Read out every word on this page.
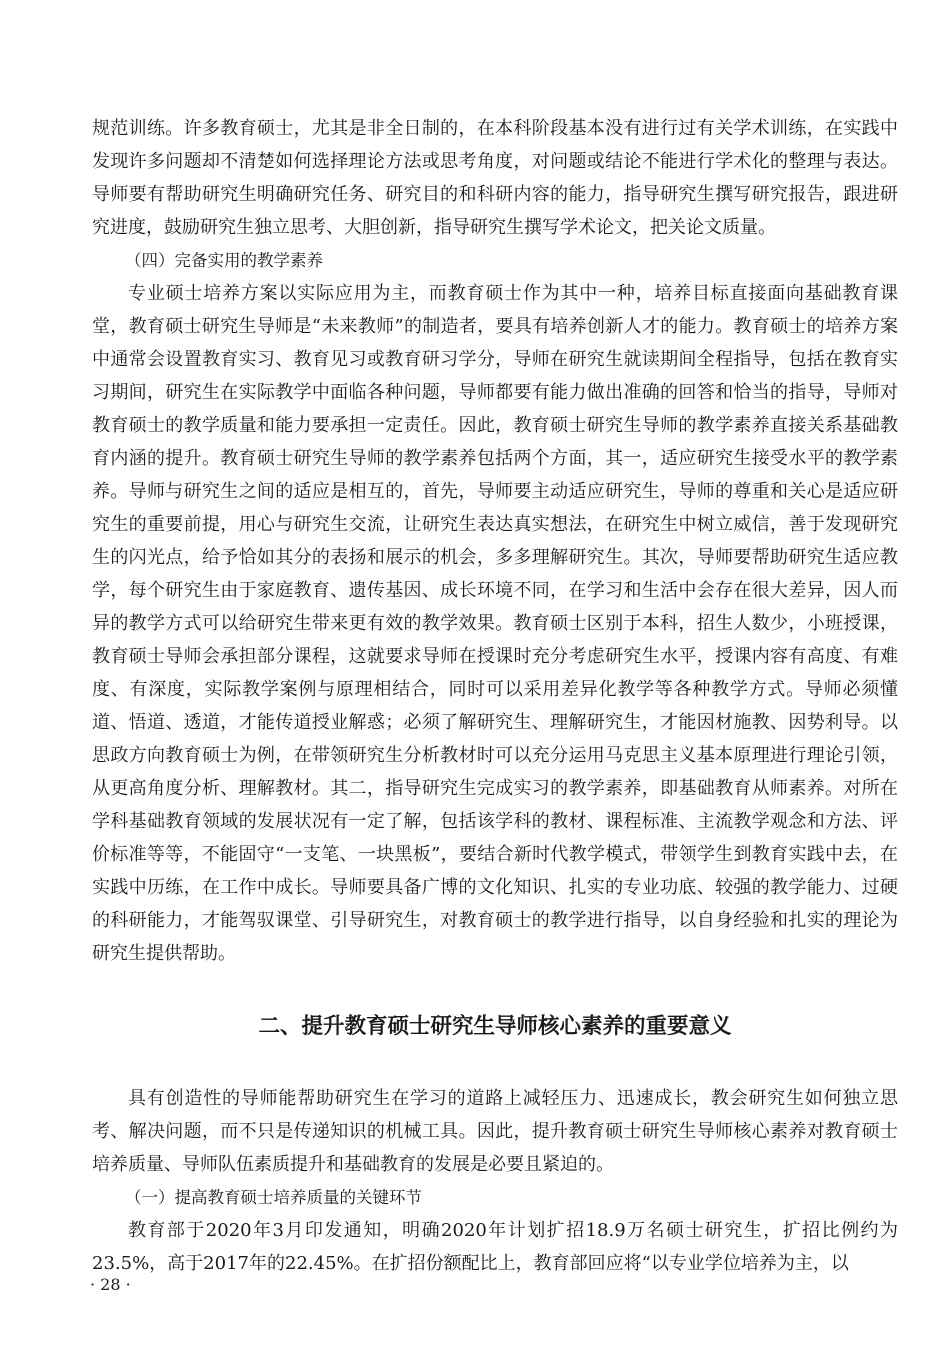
规范训练。许多教育硕士，尤其是非全日制的，在本科阶段基本没有进行过有关学术训练，在实践中发现许多问题却不清楚如何选择理论方法或思考角度，对问题或结论不能进行学术化的整理与表达。导师要有帮助研究生明确研究任务、研究目的和科研内容的能力，指导研究生撰写研究报告，跟进研究进度，鼓励研究生独立思考、大胆创新，指导研究生撰写学术论文，把关论文质量。

（四）完备实用的教学素养

专业硕士培养方案以实际应用为主，而教育硕士作为其中一种，培养目标直接面向基础教育课堂，教育硕士研究生导师是“未来教师”的制造者，要具有培养创新人才的能力。教育硕士的培养方案中通常会设置教育实习、教育见习或教育研习学分，导师在研究生就读期间全程指导，包括在教育实习期间，研究生在实际教学中面临各种问题，导师都要有能力做出准确的回答和恰当的指导，导师对教育硕士的教学质量和能力要承担一定责任。因此，教育硕士研究生导师的教学素养直接关系基础教育内涵的提升。教育硕士研究生导师的教学素养包括两个方面，其一，适应研究生接受水平的教学素养。导师与研究生之间的适应是相互的，首先，导师要主动适应研究生，导师的尊重和关心是适应研究生的重要前提，用心与研究生交流，让研究生表达真实想法，在研究生中树立威信，善于发现研究生的闪光点，给予恰如其分的表扬和展示的机会，多多理解研究生。其次，导师要帮助研究生适应教学，每个研究生由于家庭教育、遗传基因、成长环境不同，在学习和生活中会存在很大差异，因人而异的教学方式可以给研究生带来更有效的教学效果。教育硕士区别于本科，招生人数少，小班授课，教育硕士导师会承担部分课程，这就要求导师在授课时充分考虑研究生水平，授课内容有高度、有难度、有深度，实际教学案例与原理相结合，同时可以采用差异化教学等各种教学方式。导师必须懂道、悟道、透道，才能传道授业解惑；必须了解研究生、理解研究生，才能因材施教、因势利导。以思政方向教育硕士为例，在带领研究生分析教材时可以充分运用马克思主义基本原理进行理论引领，从更高角度分析、理解教材。其二，指导研究生完成实习的教学素养，即基础教育从师素养。对所在学科基础教育领域的发展状况有一定了解，包括该学科的教材、课程标准、主流教学观念和方法、评价标准等等，不能固守“一支笔、一块黑板”，要结合新时代教学模式，带领学生到教育实践中去，在实践中历练，在工作中成长。导师要具备广博的文化知识、扎实的专业功底、较强的教学能力、过硬的科研能力，才能驾驭课堂、引导研究生，对教育硕士的教学进行指导，以自身经验和扎实的理论为研究生提供帮助。

二、提升教育硕士研究生导师核心素养的重要意义

具有创造性的导师能帮助研究生在学习的道路上减轻压力、迅速成长，教会研究生如何独立思考、解决问题，而不只是传递知识的机械工具。因此，提升教育硕士研究生导师核心素养对教育硕士培养质量、导师队伍素质提升和基础教育的发展是必要且紧迫的。

（一）提高教育硕士培养质量的关键环节

教育部于2020年3月印发通知，明确2020年计划扩招18.9万名硕士研究生，扩招比例约为23.5%，高于2017年的22.45%。在扩招份额配比上，教育部回应将“以专业学位培养为主，以

· 28 ·
